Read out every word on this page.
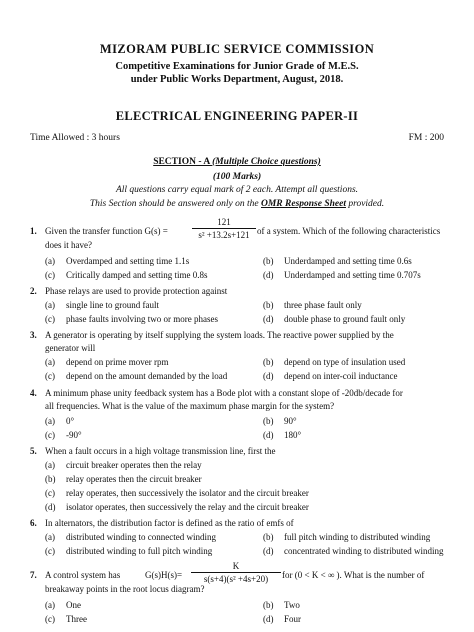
MIZORAM PUBLIC SERVICE COMMISSION
Competitive Examinations for Junior Grade of M.E.S.
under Public Works Department, August, 2018.
ELECTRICAL ENGINEERING PAPER-II
Time Allowed : 3 hours	FM : 200
SECTION - A (Multiple Choice questions)
(100 Marks)
All questions carry equal mark of 2 each. Attempt all questions.
This Section should be answered only on the OMR Response Sheet provided.
1. Given the transfer function G(s) =
121
s² +13.2s+121 of a system. Which of the following characteristics
does it have?
(a) Overdamped and setting time 1.1s	(b) Underdamped and setting time 0.6s
(c) Critically damped and setting time 0.8s	(d) Underdamped and setting time 0.707s
2. Phase relays are used to provide protection against
(a) single line to ground fault	(b) three phase fault only
(c) phase faults involving two or more phases	(d) double phase to ground fault only
3. A generator is operating by itself supplying the system loads. The reactive power supplied by the
generator will
(a) depend on prime mover rpm	(b) depend on type of insulation used
(c) depend on the amount demanded by the load	(d) depend on inter-coil inductance
4. A minimum phase unity feedback system has a Bode plot with a constant slope of -20db/decade for
all frequencies. What is the value of the maximum phase margin for the system?
(a) 0°	(b) 90°
(c) -90°	(d) 180°
5. When a fault occurs in a high voltage transmission line, first the
(a) circuit breaker operates then the relay
(b) relay operates then the circuit breaker
(c) relay operates, then successively the isolator and the circuit breaker
(d) isolator operates, then successively the relay and the circuit breaker
6. In alternators, the distribution factor is defined as the ratio of emfs of
(a) distributed winding to connected winding	(b) full pitch winding to distributed winding
(c) distributed winding to full pitch winding	(d) concentrated winding to distributed winding
7. A control system has	G(s)H(s)=
K
s(s+4)(s² +4s+20)	for (0 < K < ∞ ). What is the number of
breakaway points in the root locus diagram?
(a) One	(b) Two
(c) Three	(d) Four
